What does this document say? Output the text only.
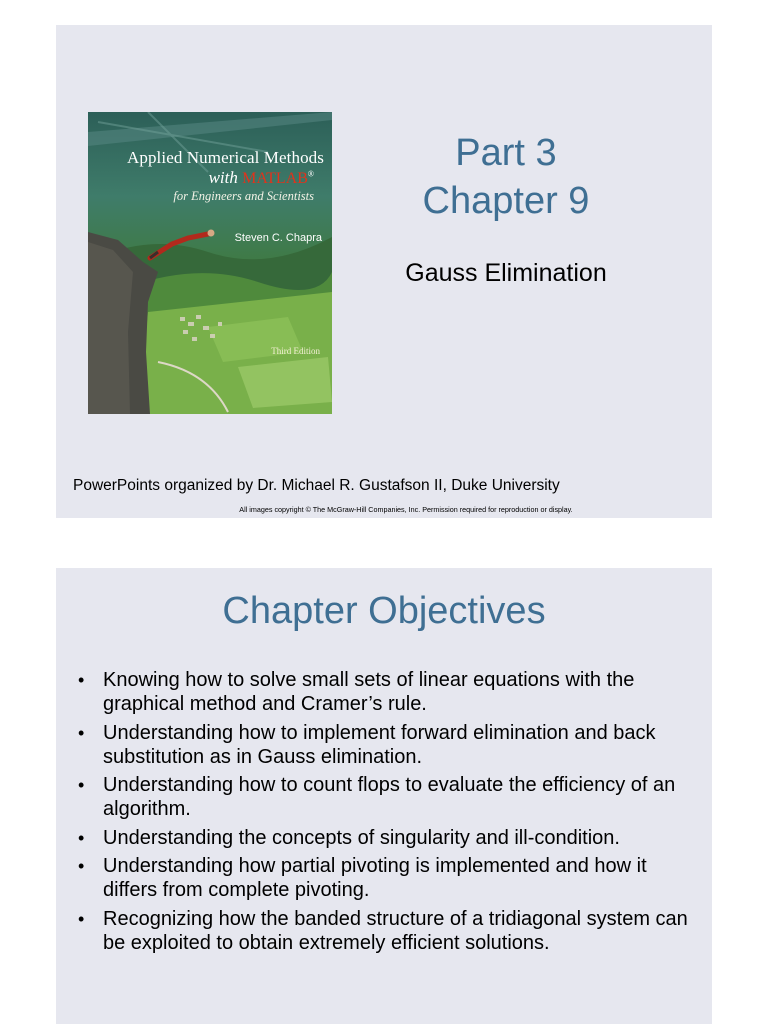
Applied Numerical Methods
with MATLAB®
for Engineers and Scientists
Steven C. Chapra
Third Edition
Part 3
Chapter 9
Gauss Elimination
PowerPoints organized by Dr. Michael R. Gustafson II, Duke University
All images copyright © The McGraw-Hill Companies, Inc. Permission required for reproduction or display.
Chapter Objectives
• Knowing how to solve small sets of linear equations with the graphical method and Cramer’s rule.
• Understanding how to implement forward elimination and back substitution as in Gauss elimination.
• Understanding how to count flops to evaluate the efficiency of an algorithm.
• Understanding the concepts of singularity and ill-condition.
• Understanding how partial pivoting is implemented and how it differs from complete pivoting.
• Recognizing how the banded structure of a tridiagonal system can be exploited to obtain extremely efficient solutions.
